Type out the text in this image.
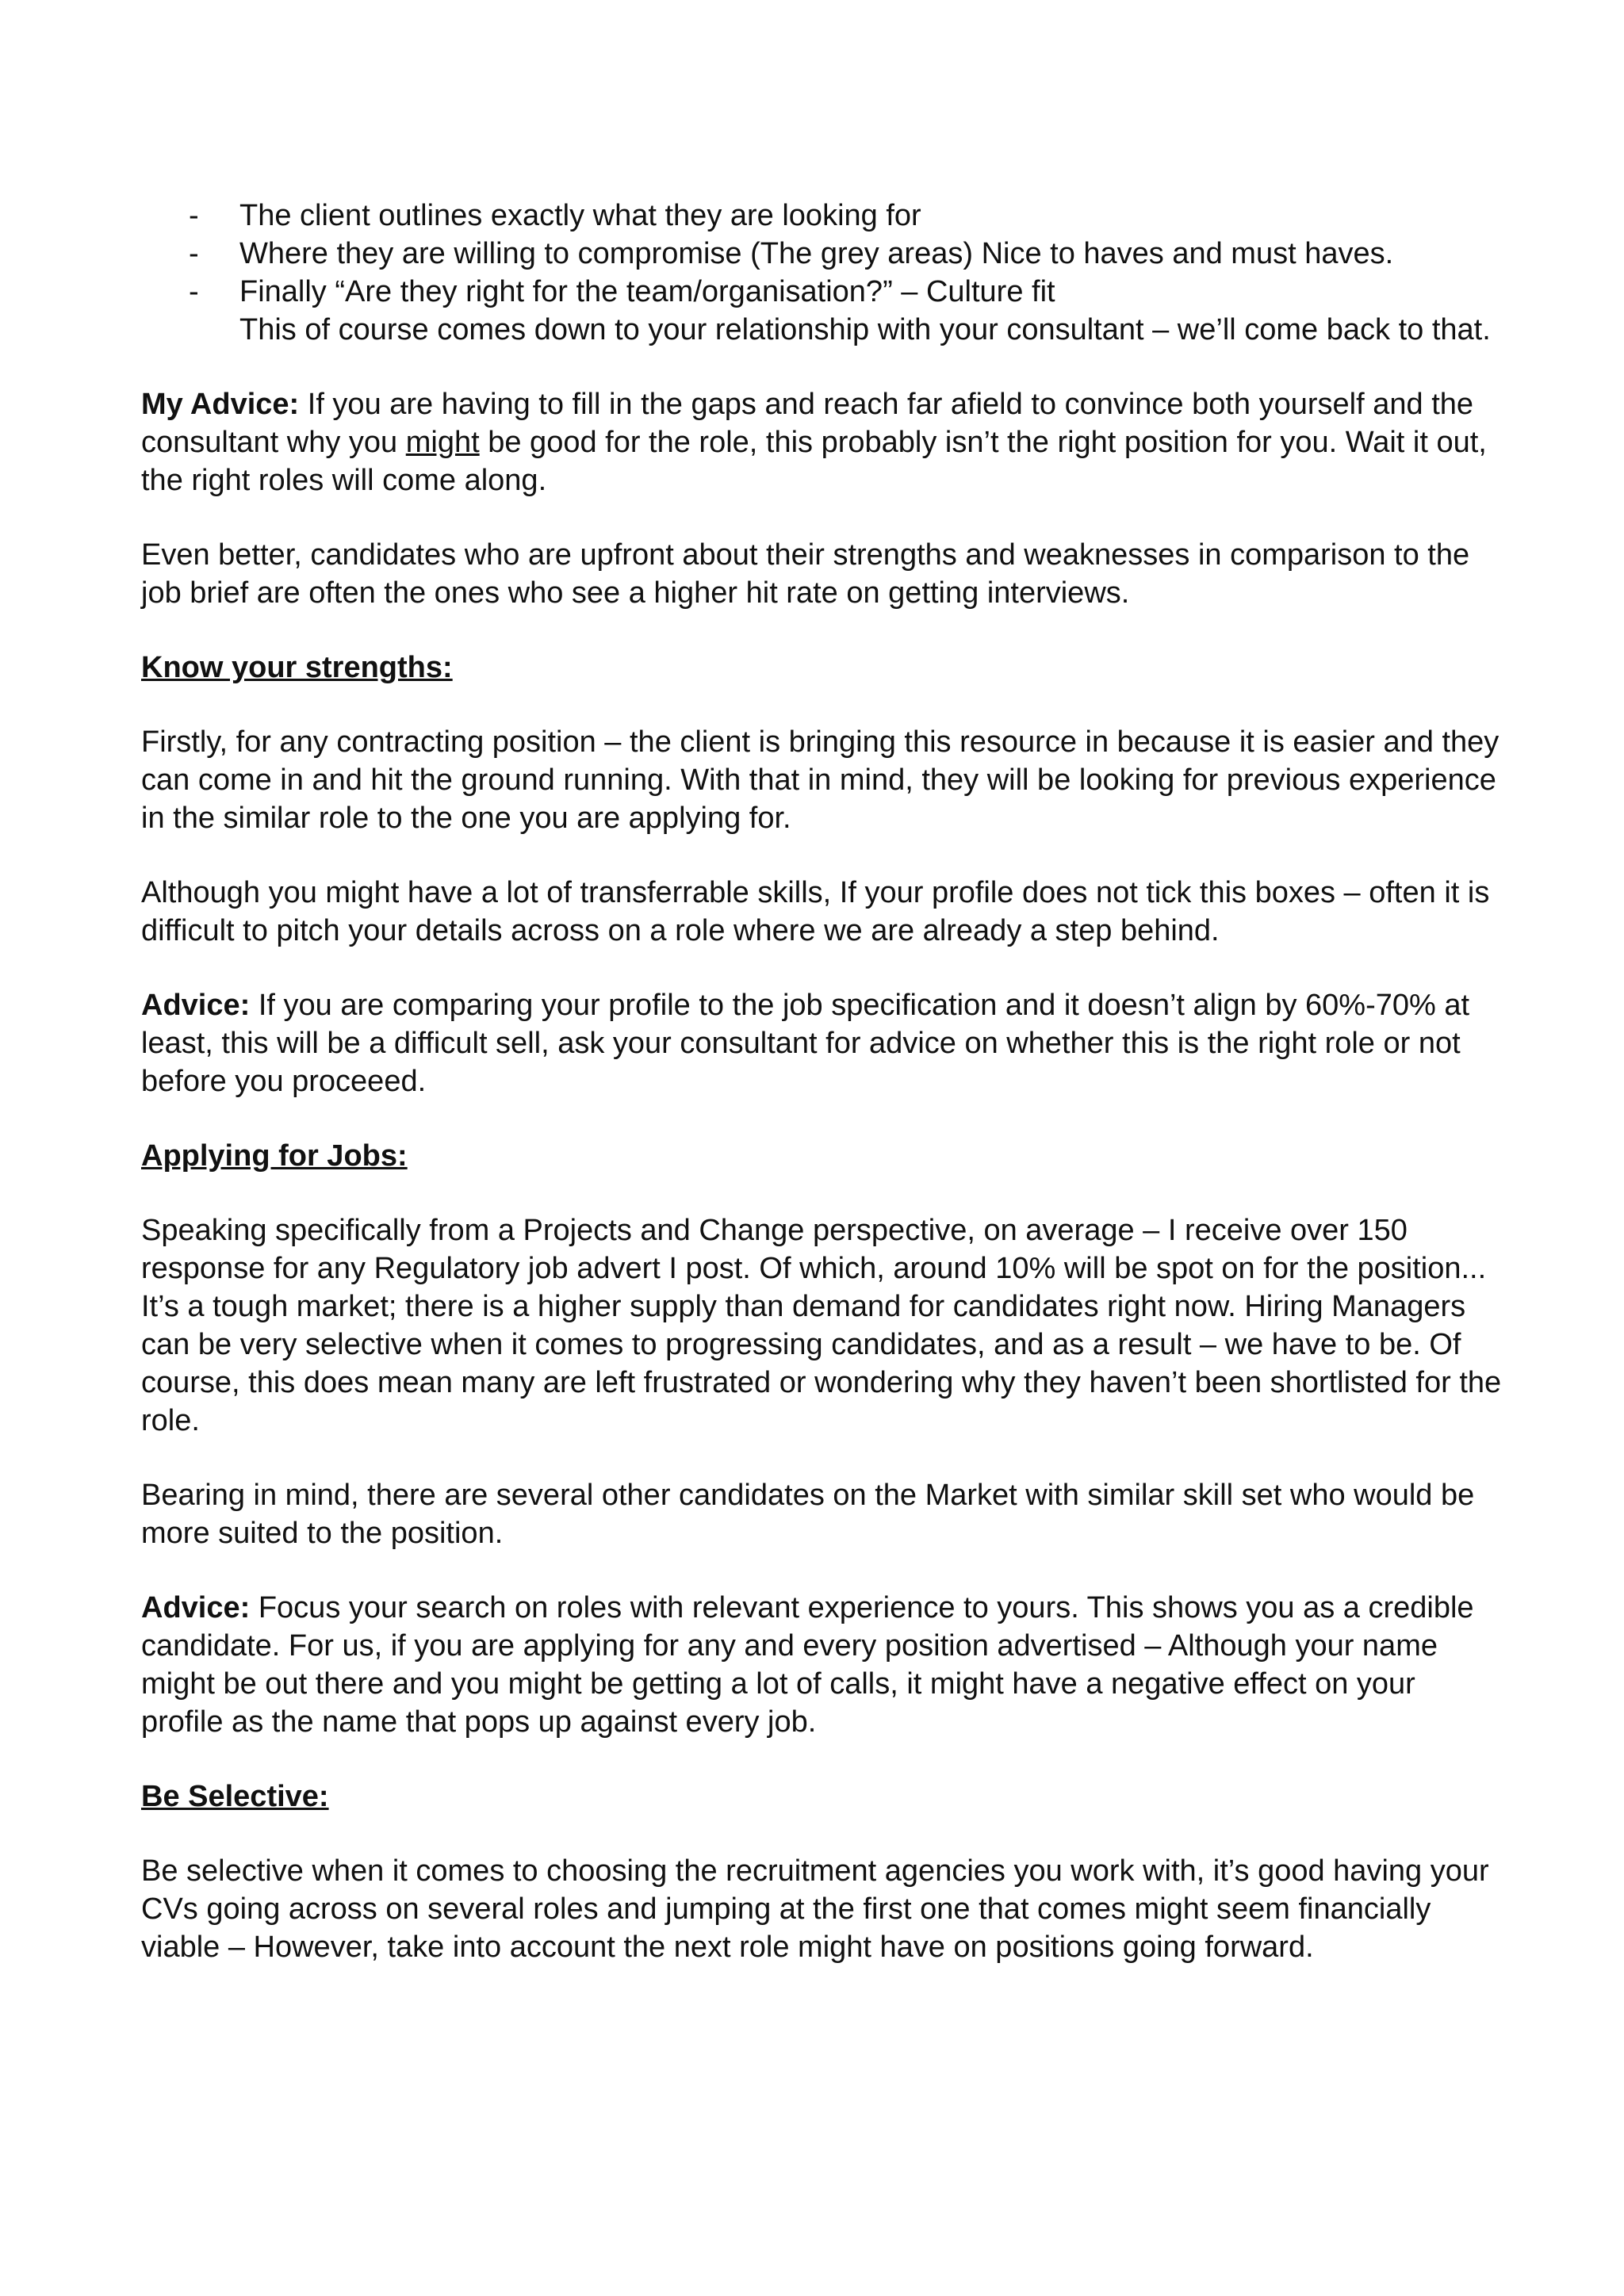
- The client outlines exactly what they are looking for
- Where they are willing to compromise (The grey areas) Nice to haves and must haves.
- Finally “Are they right for the team/organisation?” – Culture fit

This of course comes down to your relationship with your consultant – we’ll come back to that.

My Advice: If you are having to fill in the gaps and reach far afield to convince both yourself and the consultant why you might be good for the role, this probably isn’t the right position for you. Wait it out, the right roles will come along.

Even better, candidates who are upfront about their strengths and weaknesses in comparison to the job brief are often the ones who see a higher hit rate on getting interviews.

Know your strengths:

Firstly, for any contracting position – the client is bringing this resource in because it is easier and they can come in and hit the ground running. With that in mind, they will be looking for previous experience in the similar role to the one you are applying for.

Although you might have a lot of transferrable skills, If your profile does not tick this boxes – often it is difficult to pitch your details across on a role where we are already a step behind.

Advice: If you are comparing your profile to the job specification and it doesn’t align by 60%-70% at least, this will be a difficult sell, ask your consultant for advice on whether this is the right role or not before you proceeed.

Applying for Jobs:

Speaking specifically from a Projects and Change perspective, on average – I receive over 150 response for any Regulatory job advert I post. Of which, around 10% will be spot on for the position... It’s a tough market; there is a higher supply than demand for candidates right now. Hiring Managers can be very selective when it comes to progressing candidates, and as a result – we have to be. Of course, this does mean many are left frustrated or wondering why they haven’t been shortlisted for the role.

Bearing in mind, there are several other candidates on the Market with similar skill set who would be more suited to the position.

Advice: Focus your search on roles with relevant experience to yours. This shows you as a credible candidate. For us, if you are applying for any and every position advertised – Although your name might be out there and you might be getting a lot of calls, it might have a negative effect on your profile as the name that pops up against every job.

Be Selective:

Be selective when it comes to choosing the recruitment agencies you work with, it’s good having your CVs going across on several roles and jumping at the first one that comes might seem financially viable – However, take into account the next role might have on positions going forward.
